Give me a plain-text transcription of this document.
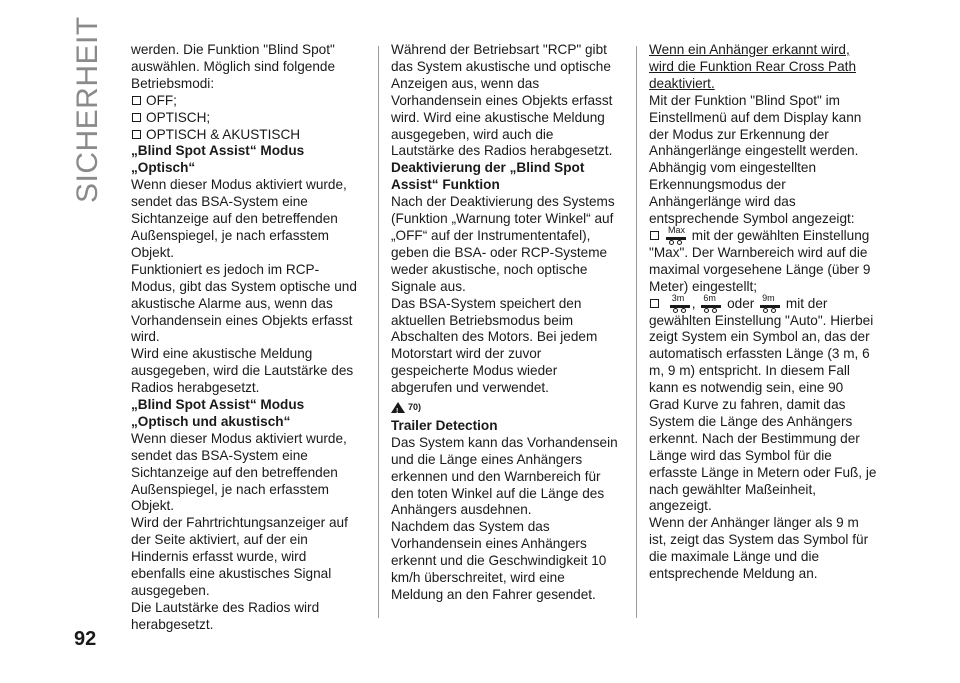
SICHERHEIT
92

werden. Die Funktion "Blind Spot" auswählen. Möglich sind folgende Betriebsmodi:

OFF;
OPTISCH;
OPTISCH & AKUSTISCH

„Blind Spot Assist“ Modus „Optisch“

Wenn dieser Modus aktiviert wurde, sendet das BSA-System eine Sichtanzeige auf den betreffenden Außenspiegel, je nach erfasstem Objekt.

Funktioniert es jedoch im RCP-Modus, gibt das System optische und akustische Alarme aus, wenn das Vorhandensein eines Objekts erfasst wird.

Wird eine akustische Meldung ausgegeben, wird die Lautstärke des Radios herabgesetzt.

„Blind Spot Assist“ Modus „Optisch und akustisch“

Wenn dieser Modus aktiviert wurde, sendet das BSA-System eine Sichtanzeige auf den betreffenden Außenspiegel, je nach erfasstem Objekt.

Wird der Fahrtrichtungsanzeiger auf der Seite aktiviert, auf der ein Hindernis erfasst wurde, wird ebenfalls eine akustisches Signal ausgegeben.

Die Lautstärke des Radios wird herabgesetzt.

Während der Betriebsart "RCP" gibt das System akustische und optische Anzeigen aus, wenn das Vorhandensein eines Objekts erfasst wird. Wird eine akustische Meldung ausgegeben, wird auch die Lautstärke des Radios herabgesetzt.

Deaktivierung der „Blind Spot Assist“ Funktion

Nach der Deaktivierung des Systems (Funktion „Warnung toter Winkel“ auf „OFF“ auf der Instrumententafel), geben die BSA- oder RCP-Systeme weder akustische, noch optische Signale aus.

Das BSA-System speichert den aktuellen Betriebsmodus beim Abschalten des Motors. Bei jedem Motorstart wird der zuvor gespeicherte Modus wieder abgerufen und verwendet.

!
70)

Trailer Detection

Das System kann das Vorhandensein und die Länge eines Anhängers erkennen und den Warnbereich für den toten Winkel auf die Länge des Anhängers ausdehnen.

Nachdem das System das Vorhandensein eines Anhängers erkennt und die Geschwindigkeit 10 km/h überschreitet, wird eine Meldung an den Fahrer gesendet.

Wenn ein Anhänger erkannt wird, wird die Funktion Rear Cross Path deaktiviert.

Mit der Funktion "Blind Spot" im Einstellmenü auf dem Display kann der Modus zur Erkennung der Anhängerlänge eingestellt werden.

Abhängig vom eingestellten Erkennungsmodus der Anhängerlänge wird das entsprechende Symbol angezeigt:

Max mit der gewählten Einstellung "Max". Der Warnbereich wird auf die maximal vorgesehene Länge (über 9 Meter) eingestellt;

3m , 6m oder 9m mit der gewählten Einstellung "Auto". Hierbei zeigt System ein Symbol an, das der automatisch erfassten Länge (3 m, 6 m, 9 m) entspricht. In diesem Fall kann es notwendig sein, eine 90 Grad Kurve zu fahren, damit das System die Länge des Anhängers erkennt. Nach der Bestimmung der Länge wird das Symbol für die erfasste Länge in Metern oder Fuß, je nach gewählter Maßeinheit, angezeigt.

Wenn der Anhänger länger als 9 m ist, zeigt das System das Symbol für die maximale Länge und die entsprechende Meldung an.
